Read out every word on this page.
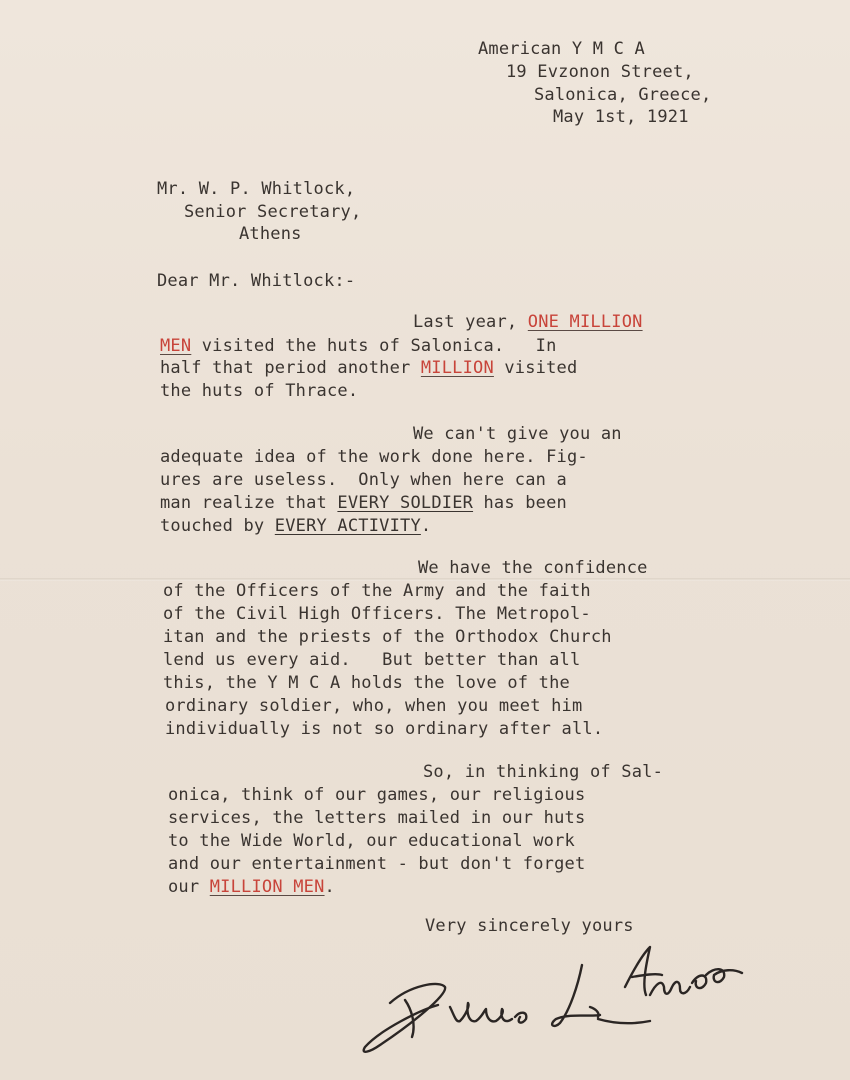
American Y M C A
19 Evzonon Street,
Salonica, Greece,
May 1st, 1921
Mr. W. P. Whitlock,
Senior Secretary,
Athens
Dear Mr. Whitlock:-
Last year, ONE MILLION
MEN visited the huts of Salonica.   In
half that period another MILLION visited
the huts of Thrace.
We can't give you an
adequate idea of the work done here. Fig-
ures are useless.  Only when here can a
man realize that EVERY SOLDIER has been
touched by EVERY ACTIVITY.
We have the confidence
of the Officers of the Army and the faith
of the Civil High Officers. The Metropol-
itan and the priests of the Orthodox Church
lend us every aid.   But better than all
this, the Y M C A holds the love of the
ordinary soldier, who, when you meet him
individually is not so ordinary after all.
So, in thinking of Sal-
onica, think of our games, our religious
services, the letters mailed in our huts
to the Wide World, our educational work
and our entertainment - but don't forget
our MILLION MEN.
Very sincerely yours
